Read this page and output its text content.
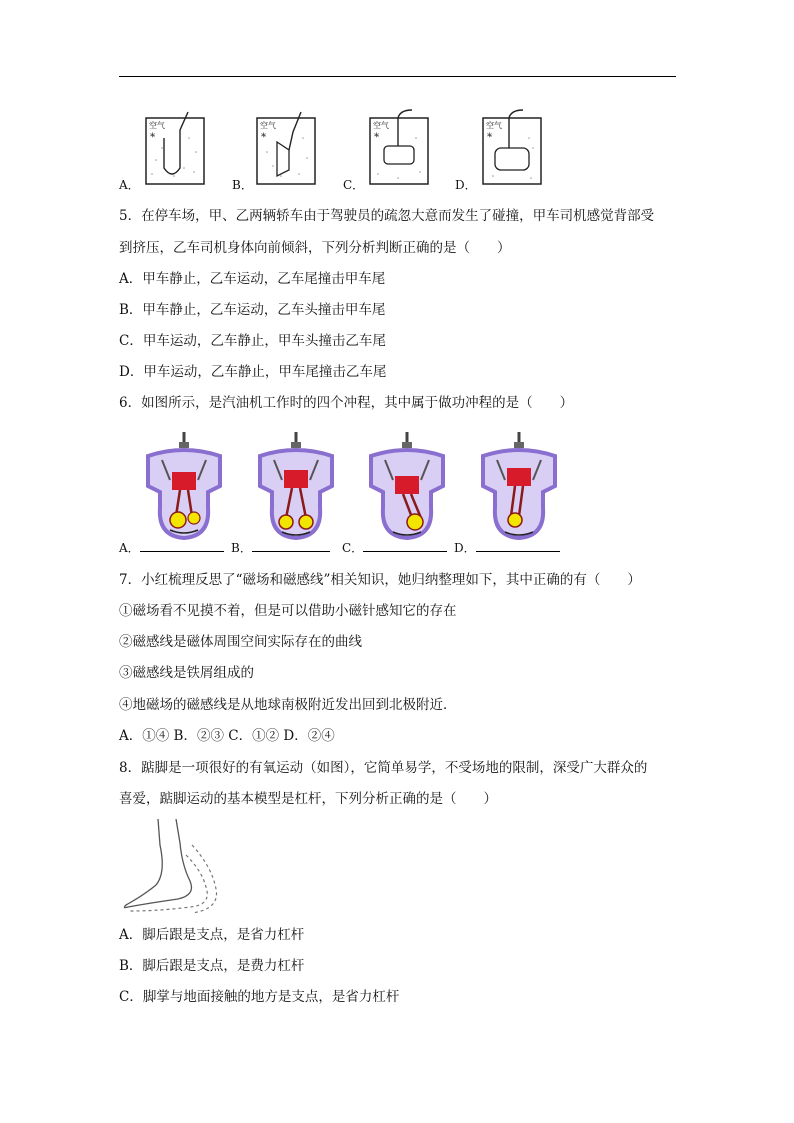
空气
*
空气
*
空气
*
空气
*
A．	B．	C．	D．
5．在停车场，甲、乙两辆轿车由于驾驶员的疏忽大意而发生了碰撞，甲车司机感觉背部受
到挤压，乙车司机身体向前倾斜，下列分析判断正确的是（　　）
A．甲车静止，乙车运动，乙车尾撞击甲车尾
B．甲车静止，乙车运动，乙车头撞击甲车尾
C．甲车运动，乙车静止，甲车头撞击乙车尾
D．甲车运动，乙车静止，甲车尾撞击乙车尾
6．如图所示，是汽油机工作时的四个冲程，其中属于做功冲程的是（　　）
A．	B．	C．	D．
7．小红梳理反思了“磁场和磁感线”相关知识，她归纳整理如下，其中正确的有（　　）
①磁场看不见摸不着，但是可以借助小磁针感知它的存在
②磁感线是磁体周围空间实际存在的曲线
③磁感线是铁屑组成的
④地磁场的磁感线是从地球南极附近发出回到北极附近．
A．①④ B．②③ C．①② D．②④
8．踮脚是一项很好的有氧运动（如图），它简单易学，不受场地的限制，深受广大群众的
喜爱，踮脚运动的基本模型是杠杆，下列分析正确的是（　　）
A．脚后跟是支点，是省力杠杆
B．脚后跟是支点，是费力杠杆
C．脚掌与地面接触的地方是支点，是省力杠杆
